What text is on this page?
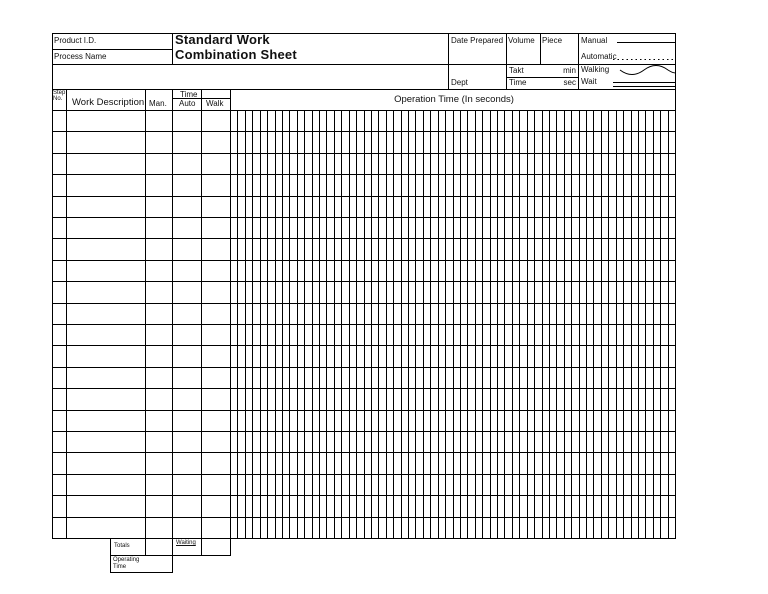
Product I.D.
Process Name
Standard Work
Combination Sheet
Date Prepared Volume Piece
Dept
Takt
Time
min
sec
Manual
Automatic
Walking
Wait
Step No. Work Description
Time
Man. Auto Walk	Operation Time (In seconds)
Totals	Waiting
Operating
Time
